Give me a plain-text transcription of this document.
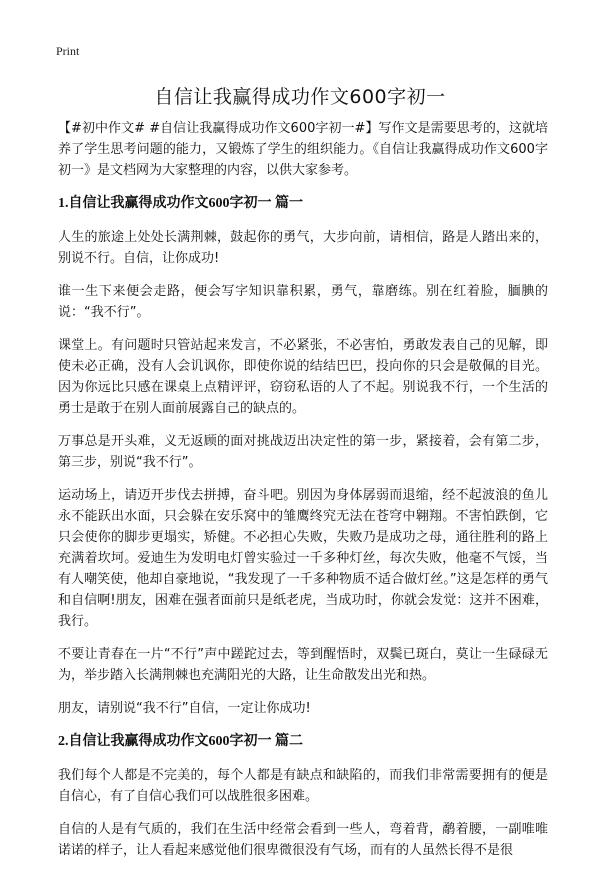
Print
自信让我赢得成功作文600字初一

【#初中作文# #自信让我赢得成功作文600字初一#】写作文是需要思考的，这就培养了学生思考问题的能力，又锻炼了学生的组织能力。《自信让我赢得成功作文600字初一》是文档网为大家整理的内容，以供大家参考。

1.自信让我赢得成功作文600字初一 篇一

人生的旅途上处处长满荆棘，鼓起你的勇气，大步向前，请相信，路是人踏出来的，别说不行。自信，让你成功!

谁一生下来便会走路，便会写字知识靠积累，勇气，靠磨练。别在红着脸，腼腆的说：“我不行”。

课堂上。有问题时只管站起来发言，不必紧张，不必害怕，勇敢发表自己的见解，即使未必正确，没有人会讥讽你，即使你说的结结巴巴，投向你的只会是敬佩的目光。因为你远比只感在课桌上点精评评，窃窃私语的人了不起。别说我不行，一个生活的勇士是敢于在别人面前展露自己的缺点的。

万事总是开头难，义无返顾的面对挑战迈出决定性的第一步，紧接着，会有第二步，第三步，别说“我不行”。

运动场上，请迈开步伐去拼搏，奋斗吧。别因为身体孱弱而退缩，经不起波浪的鱼儿永不能跃出水面，只会躲在安乐窝中的雏鹰终究无法在苍穹中翱翔。不害怕跌倒，它只会使你的脚步更塌实，矫健。不必担心失败，失败乃是成功之母，通往胜利的路上充满着坎坷。爱迪生为发明电灯曾实验过一千多种灯丝，每次失败，他毫不气馁，当有人嘲笑使，他却自豪地说，“我发现了一千多种物质不适合做灯丝。”这是怎样的勇气和自信啊!朋友，困难在强者面前只是纸老虎，当成功时，你就会发觉：这并不困难，我行。

不要让青春在一片“不行”声中蹉跎过去，等到醒悟时，双鬓已斑白，莫让一生碌碌无为，举步踏入长满荆棘也充满阳光的大路，让生命散发出光和热。

朋友，请别说“我不行”自信，一定让你成功!

2.自信让我赢得成功作文600字初一 篇二

我们每个人都是不完美的，每个人都是有缺点和缺陷的，而我们非常需要拥有的便是自信心，有了自信心我们可以战胜很多困难。

自信的人是有气质的，我们在生活中经常会看到一些人，弯着背，鹬着腰，一副唯唯诺诺的样子，让人看起来感觉他们很卑微很没有气场，而有的人虽然长得不是很
